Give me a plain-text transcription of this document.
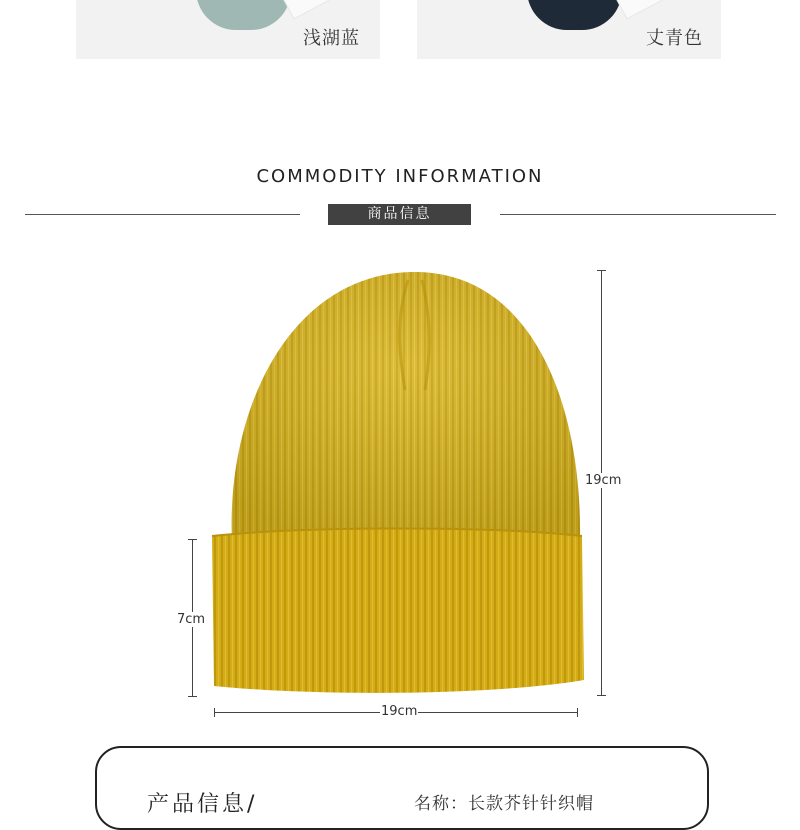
浅湖蓝	丈青色
COMMODITY INFORMATION
商品信息
19cm
7cm
19cm
产品信息/	名称：长款芥针针织帽
